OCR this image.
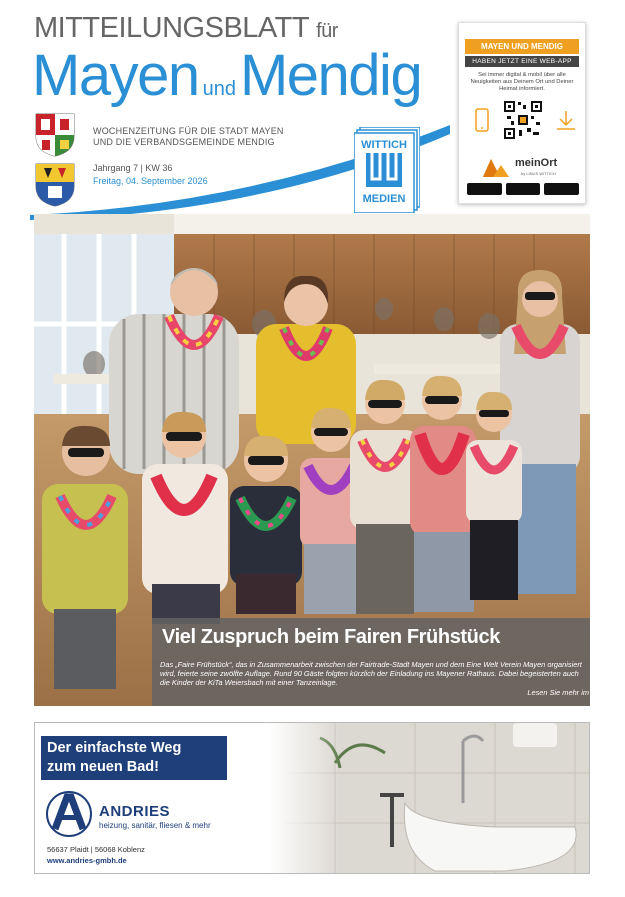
MITTEILUNGSBLATT für
Mayen undMendig
WOCHENZEITUNG FÜR DIE STADT MAYEN
UND DIE VERBANDSGEMEINDE MENDIG
Jahrgang 7 | KW 36
Freitag, 04. September 2026
WITTICH
MEDIEN
MAYEN UND MENDIG
HABEN JETZT EINE WEB-APP
Sei immer digital & mobil über alle Neuigkeiten aus Deinem Ort und Deiner Heimat informiert.
meinOrt
by LINUS WITTICH
Viel Zuspruch beim Fairen Frühstück
Das „Faire Frühstück“, das in Zusammenarbeit zwischen der Fairtrade-Stadt Mayen und dem Eine Welt Verein Mayen organisiert wird, feierte seine zwölfte Auflage. Rund 90 Gäste folgten kürzlich der Einladung ins Mayener Rathaus. Dabei begeisterten auch die Kinder der KiTa Weiersbach mit einer Tanzeinlage.
Lesen Sie mehr im Innenteil
Der einfachste Weg
zum neuen Bad!
ANDRIES
heizung, sanitär, fliesen & mehr
56637 Plaidt | 56068 Koblenz
www.andries-gmbh.de
